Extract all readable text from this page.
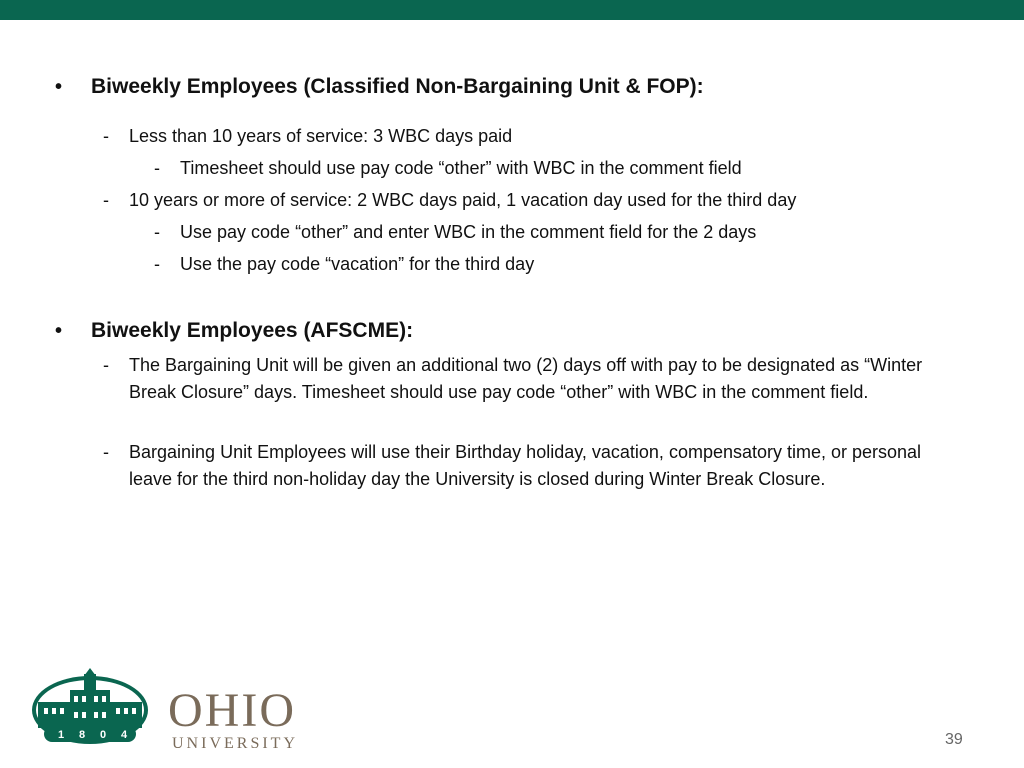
•	Biweekly Employees (Classified Non-Bargaining Unit & FOP):
- Less than 10 years of service: 3 WBC days paid
- Timesheet should use pay code “other” with WBC in the comment field
- 10 years or more of service: 2 WBC days paid, 1 vacation day used for the third day
- Use pay code “other” and enter WBC in the comment field for the 2 days
- Use the pay code “vacation” for the third day
•	Biweekly Employees (AFSCME):
- The Bargaining Unit will be given an additional two (2) days off with pay to be designated as “Winter Break Closure” days. Timesheet should use pay code “other” with WBC in the comment field.
- Bargaining Unit Employees will use their Birthday holiday, vacation, compensatory time, or personal leave for the third non-holiday day the University is closed during Winter Break Closure.
1 8 0 4 OHIO
UNIVERSITY	39
